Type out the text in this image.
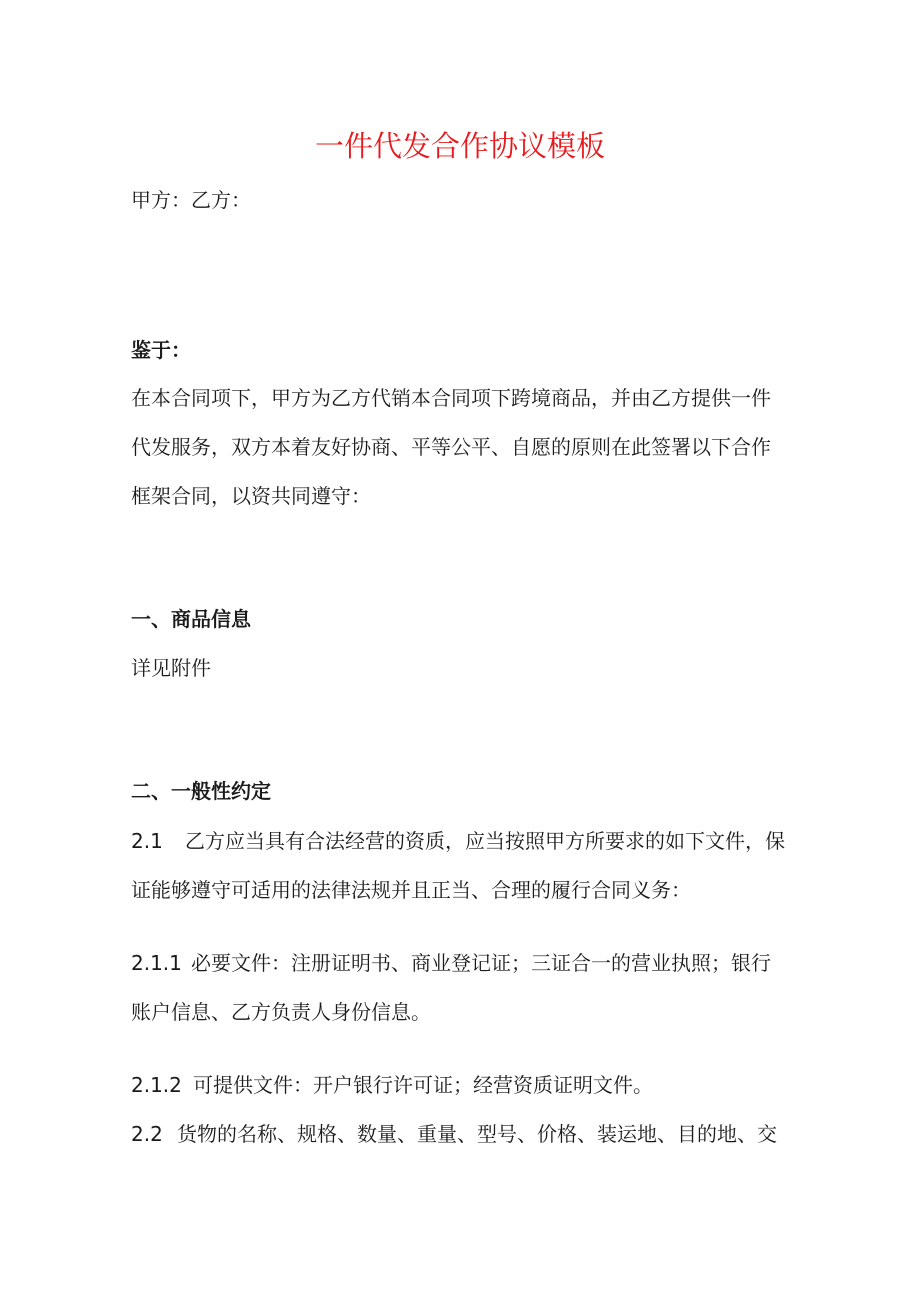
一件代发合作协议模板
甲方：乙方：
鉴于：
在本合同项下，甲方为乙方代销本合同项下跨境商品，并由乙方提供一件
代发服务，双方本着友好协商、平等公平、自愿的原则在此签署以下合作
框架合同，以资共同遵守：
一、商品信息
详见附件
二、一般性约定
2.1 乙方应当具有合法经营的资质，应当按照甲方所要求的如下文件，保
证能够遵守可适用的法律法规并且正当、合理的履行合同义务：
2.1.1 必要文件：注册证明书、商业登记证；三证合一的营业执照；银行
账户信息、乙方负责人身份信息。
2.1.2 可提供文件：开户银行许可证；经营资质证明文件。
2.2 货物的名称、规格、数量、重量、型号、价格、装运地、目的地、交
